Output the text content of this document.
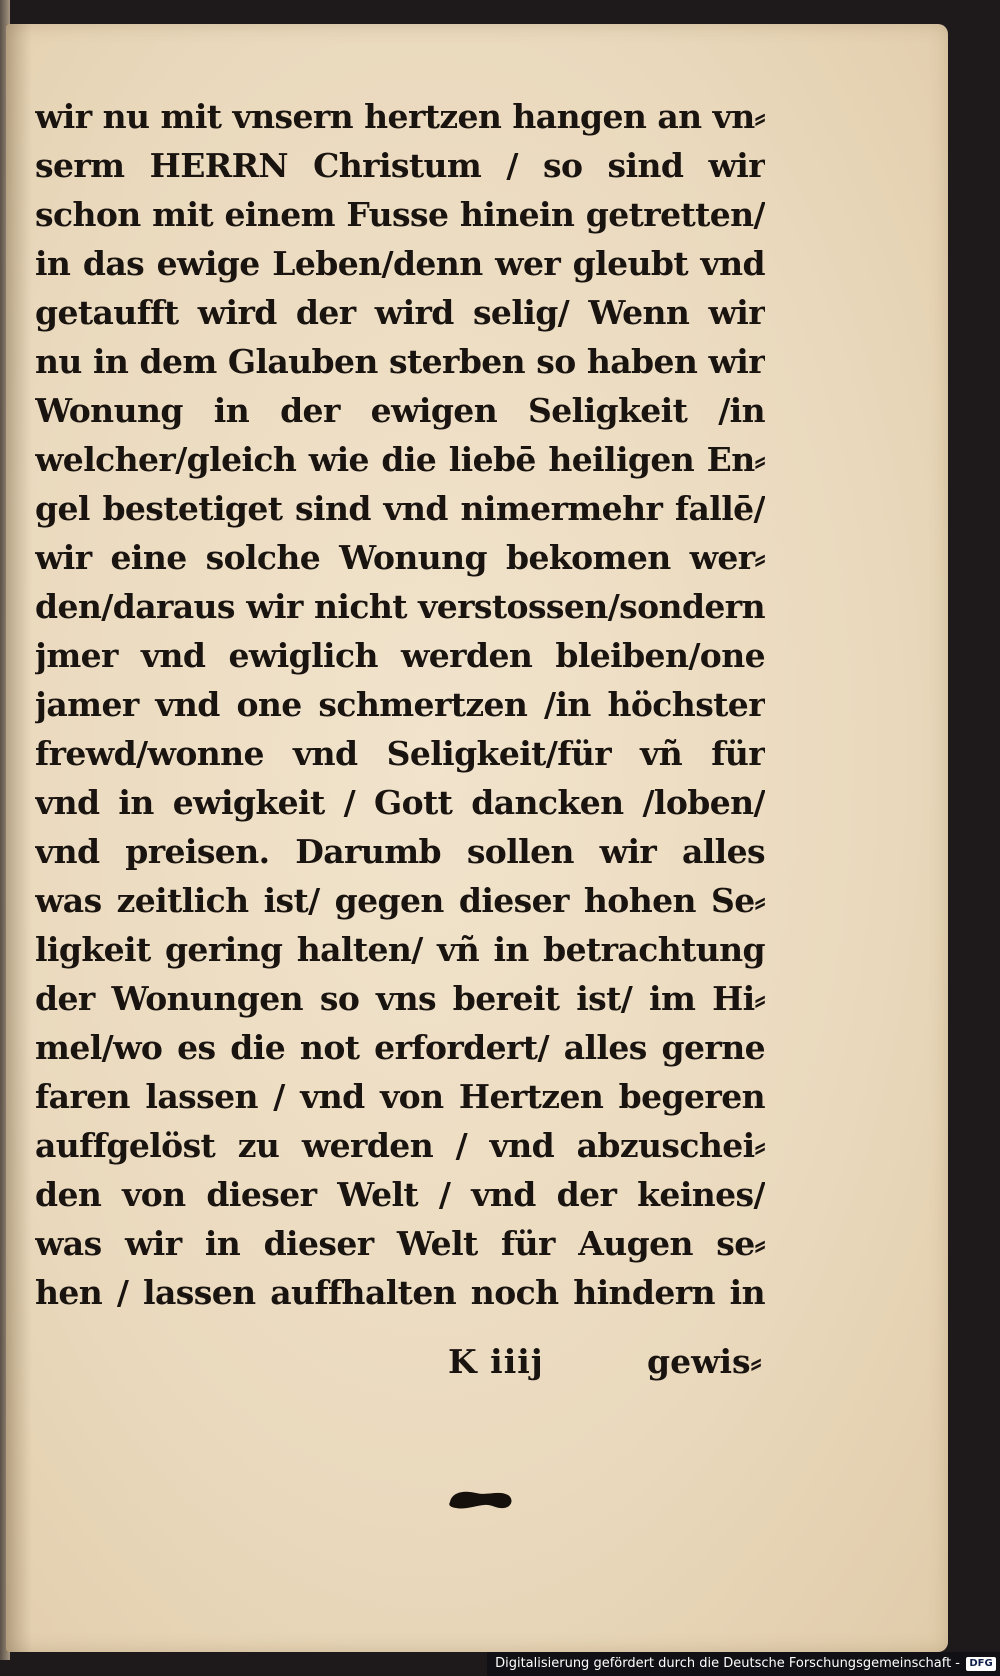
wir nu mit vnsern hertzen hangen an vn⸗
serm HERRN Christum / so sind wir
schon mit einem Fusse hinein getretten/
in das ewige Leben/denn wer gleubt vnd
getaufft wird der wird selig/ Wenn wir
nu in dem Glauben sterben so haben wir
Wonung in der ewigen Seligkeit /in
welcher/gleich wie die liebē heiligen En⸗
gel bestetiget sind vnd nimermehr fallē/
wir eine solche Wonung bekomen wer⸗
den/daraus wir nicht verstossen/sondern
jmer vnd ewiglich werden bleiben/one
jamer vnd one schmertzen /in höchster
frewd/wonne vnd Seligkeit/für vñ für
vnd in ewigkeit / Gott dancken /loben/
vnd preisen. Darumb sollen wir alles
was zeitlich ist/ gegen dieser hohen Se⸗
ligkeit gering halten/ vñ in betrachtung
der Wonungen so vns bereit ist/ im Hi⸗
mel/wo es die not erfordert/ alles gerne
faren lassen / vnd von Hertzen begeren
auffgelöst zu werden / vnd abzuschei⸗
den von dieser Welt / vnd der keines/
was wir in dieser Welt für Augen se⸗
hen / lassen auffhalten noch hindern in
K iiij	gewis⸗
Digitalisierung gefördert durch die Deutsche Forschungsgemeinschaft - DFG
